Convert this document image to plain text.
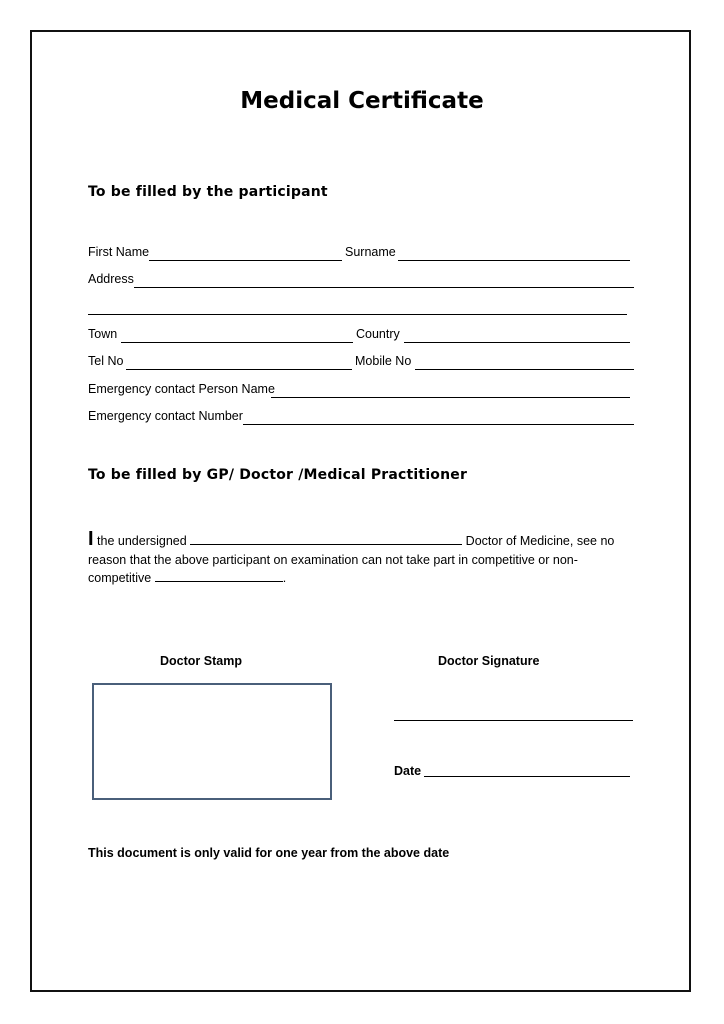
Medical Certificate
To be filled by the participant
First Name	Surname
Address
Town	Country
Tel No	Mobile No
Emergency contact Person Name
Emergency contact Number
To be filled by GP/ Doctor /Medical Practitioner
I the undersigned	Doctor of Medicine, see no
reason that the above participant on examination can not take part in competitive or non-
competitive	.
Doctor Stamp	Doctor Signature
Date
This document is only valid for one year from the above date
